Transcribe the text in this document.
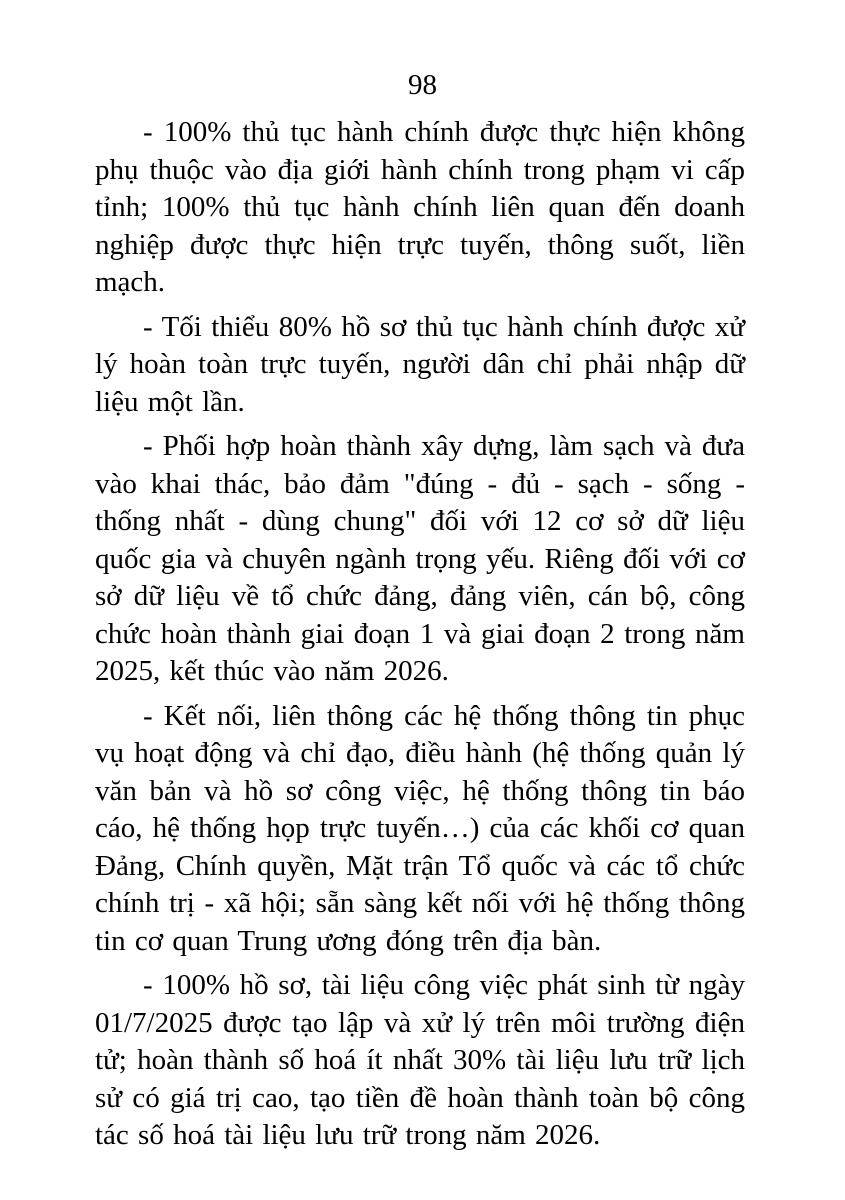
98

- 100% thủ tục hành chính được thực hiện không phụ thuộc vào địa giới hành chính trong phạm vi cấp tỉnh; 100% thủ tục hành chính liên quan đến doanh nghiệp được thực hiện trực tuyến, thông suốt, liền mạch.

- Tối thiểu 80% hồ sơ thủ tục hành chính được xử lý hoàn toàn trực tuyến, người dân chỉ phải nhập dữ liệu một lần.

- Phối hợp hoàn thành xây dựng, làm sạch và đưa vào khai thác, bảo đảm "đúng - đủ - sạch - sống - thống nhất - dùng chung" đối với 12 cơ sở dữ liệu quốc gia và chuyên ngành trọng yếu. Riêng đối với cơ sở dữ liệu về tổ chức đảng, đảng viên, cán bộ, công chức hoàn thành giai đoạn 1 và giai đoạn 2 trong năm 2025, kết thúc vào năm 2026.

- Kết nối, liên thông các hệ thống thông tin phục vụ hoạt động và chỉ đạo, điều hành (hệ thống quản lý văn bản và hồ sơ công việc, hệ thống thông tin báo cáo, hệ thống họp trực tuyến…) của các khối cơ quan Đảng, Chính quyền, Mặt trận Tổ quốc và các tổ chức chính trị - xã hội; sẵn sàng kết nối với hệ thống thông tin cơ quan Trung ương đóng trên địa bàn.

- 100% hồ sơ, tài liệu công việc phát sinh từ ngày 01/7/2025 được tạo lập và xử lý trên môi trường điện tử; hoàn thành số hoá ít nhất 30% tài liệu lưu trữ lịch sử có giá trị cao, tạo tiền đề hoàn thành toàn bộ công tác số hoá tài liệu lưu trữ trong năm 2026.
